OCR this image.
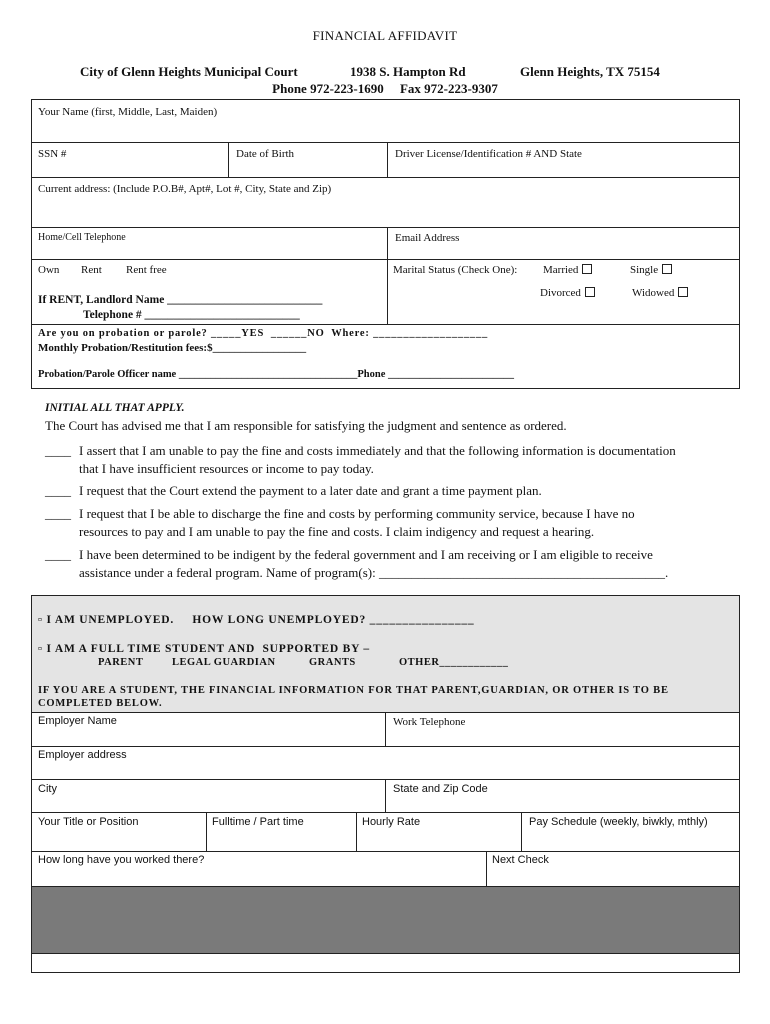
FINANCIAL AFFIDAVIT
City of Glenn Heights Municipal Court	1938 S. Hampton Rd	Glenn Heights, TX 75154
Phone 972-223-1690     Fax 972-223-9307
Your Name (first, Middle, Last, Maiden)
SSN #	Date of Birth	Driver License/Identification # AND State
Current address: (Include P.O.B#, Apt#, Lot #, City, State and Zip)
Home/Cell Telephone	Email Address
Own Rent Rent free
If RENT, Landlord Name ___________________________
Telephone # ___________________________
Marital Status (Check One): Married	Single
Divorced	Widowed
Are you on probation or parole? _____YES  ______NO  Where: ___________________
Monthly Probation/Restitution fees:$_________________
Probation/Parole Officer name __________________________________Phone ________________________
INITIAL ALL THAT APPLY.
The Court has advised me that I am responsible for satisfying the judgment and sentence as ordered.
____ I assert that I am unable to pay the fine and costs immediately and that the following information is documentation
that I have insufficient resources or income to pay today.
____ I request that the Court extend the payment to a later date and grant a time payment plan.
____ I request that I be able to discharge the fine and costs by performing community service, because I have no
resources to pay and I am unable to pay the fine and costs. I claim indigency and request a hearing.
____ I have been determined to be indigent by the federal government and I am receiving or I am eligible to receive
assistance under a federal program. Name of program(s): ____________________________________________.
▫ I AM UNEMPLOYED.     HOW LONG UNEMPLOYED? ________________
▫ I AM A FULL TIME STUDENT AND  SUPPORTED BY –
PARENT	LEGAL GUARDIAN	GRANTS	OTHER____________
IF YOU ARE A STUDENT, THE FINANCIAL INFORMATION FOR THAT PARENT,GUARDIAN, OR OTHER IS TO BE
COMPLETED BELOW.
Employer Name	Work Telephone
Employer address
City	State and Zip Code
Your Title or Position	Fulltime / Part time	Hourly Rate	Pay Schedule (weekly, biwkly, mthly)
How long have you worked there?	Next Check
